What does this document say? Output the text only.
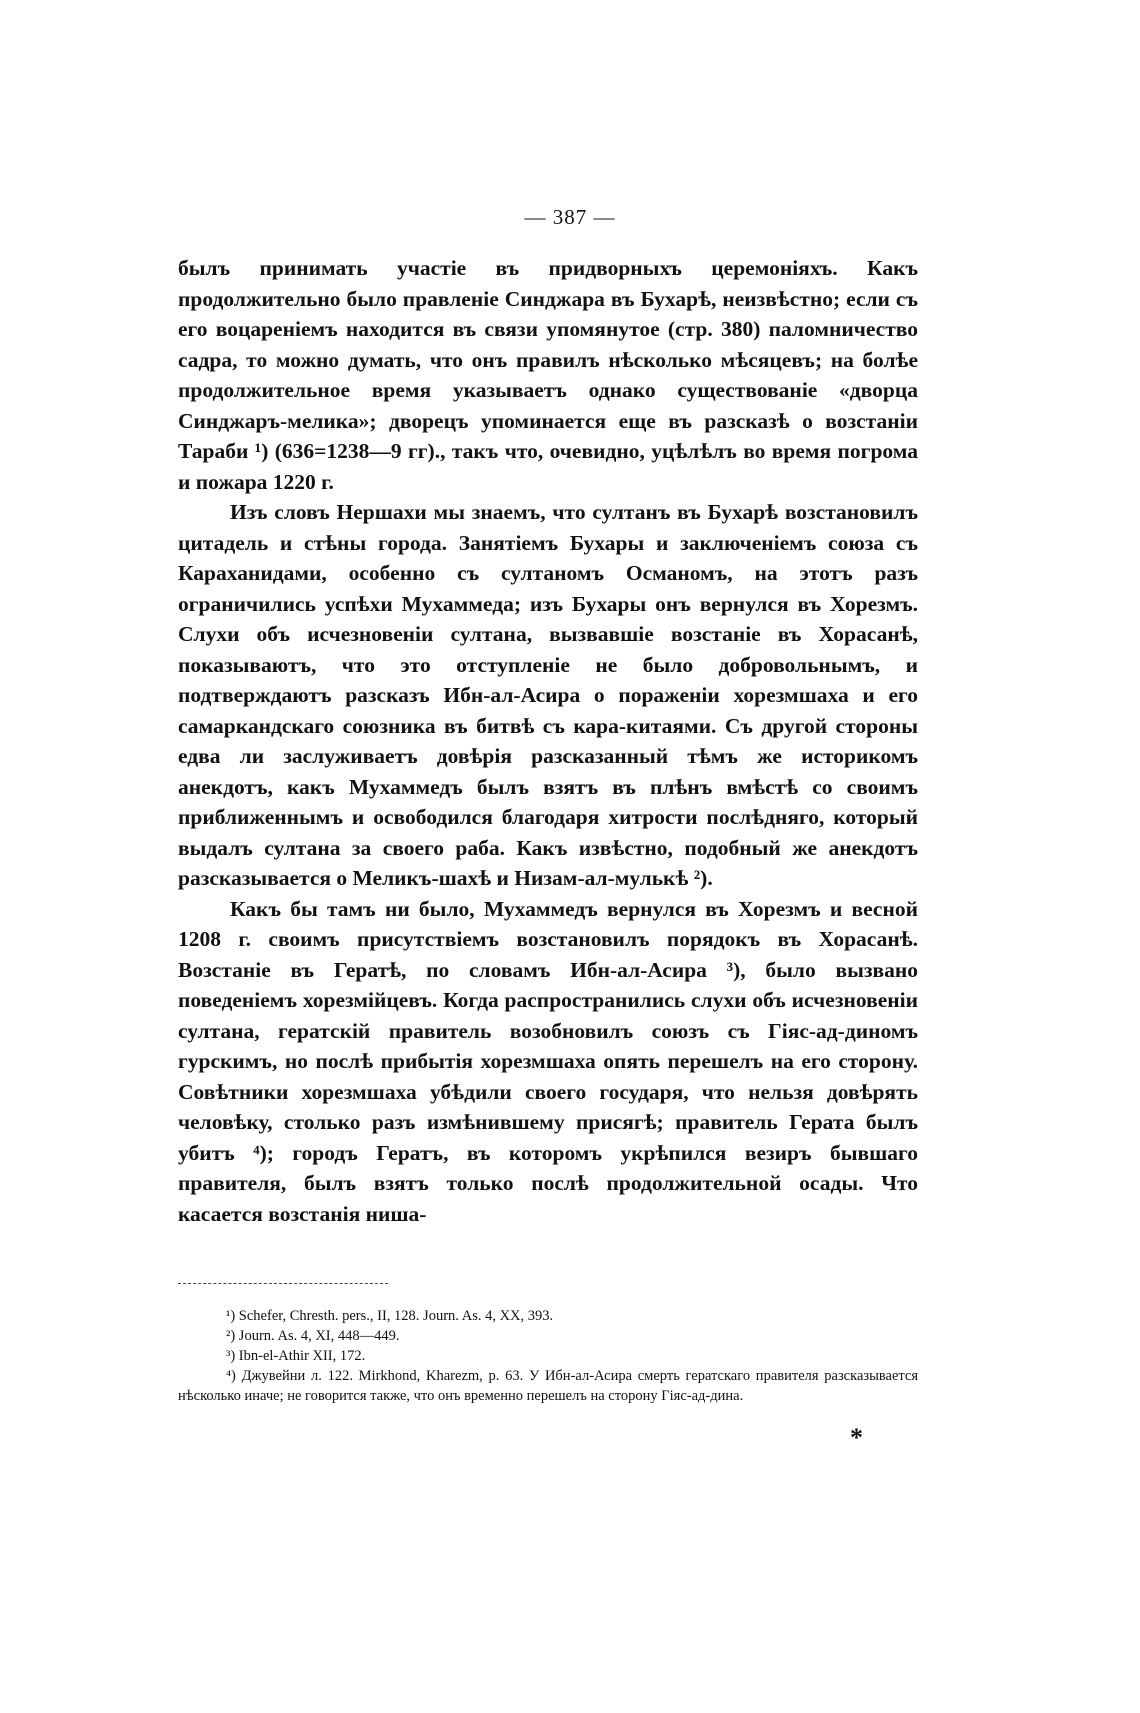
— 387 —

былъ принимать участіе въ придворныхъ церемоніяхъ. Какъ продолжительно было правленіе Синджара въ Бухарѣ, неизвѣстно; если съ его воцареніемъ находится въ связи упомянутое (стр. 380) паломничество садра, то можно думать, что онъ правилъ нѣсколько мѣсяцевъ; на болѣе продолжительное время указываетъ однако существованіе «дворца Синджаръ-мелика»; дворецъ упоминается еще въ разсказѣ о возстаніи Тараби ¹) (636=1238—9 гг)., такъ что, очевидно, уцѣлѣлъ во время погрома и пожара 1220 г.

Изъ словъ Нершахи мы знаемъ, что султанъ въ Бухарѣ возстановилъ цитадель и стѣны города. Занятіемъ Бухары и заключеніемъ союза съ Караханидами, особенно съ султаномъ Османомъ, на этотъ разъ ограничились успѣхи Мухаммеда; изъ Бухары онъ вернулся въ Хорезмъ. Слухи объ исчезновеніи султана, вызвавшіе возстаніе въ Хорасанѣ, показываютъ, что это отступленіе не было добровольнымъ, и подтверждаютъ разсказъ Ибн-ал-Асира о пораженіи хорезмшаха и его самаркандскаго союзника въ битвѣ съ кара-китаями. Съ другой стороны едва ли заслуживаетъ довѣрія разсказанный тѣмъ же историкомъ анекдотъ, какъ Мухаммедъ былъ взятъ въ плѣнъ вмѣстѣ со своимъ приближеннымъ и освободился благодаря хитрости послѣдняго, который выдалъ султана за своего раба. Какъ извѣстно, подобный же анекдотъ разсказывается о Меликъ-шахѣ и Низам-ал-мулькѣ ²).

Какъ бы тамъ ни было, Мухаммедъ вернулся въ Хорезмъ и весной 1208 г. своимъ присутствіемъ возстановилъ порядокъ въ Хорасанѣ. Возстаніе въ Гератѣ, по словамъ Ибн-ал-Асира ³), было вызвано поведеніемъ хорезмійцевъ. Когда распространились слухи объ исчезновеніи султана, гератскій правитель возобновилъ союзъ съ Гіяс-ад-диномъ гурскимъ, но послѣ прибытія хорезмшаха опять перешелъ на его сторону. Совѣтники хорезмшаха убѣдили своего государя, что нельзя довѣрять человѣку, столько разъ измѣнившему присягѣ; правитель Герата былъ убитъ ⁴); городъ Гератъ, въ которомъ укрѣпился везиръ бывшаго правителя, былъ взятъ только послѣ продолжительной осады. Что касается возстанія ниша-

¹) Schefer, Chresth. pers., II, 128. Journ. As. 4, XX, 393.

²) Journ. As. 4, XI, 448—449.

³) Ibn-el-Athir XII, 172.

⁴) Джувейни л. 122. Mirkhond, Kharezm, p. 63. У Ибн-ал-Асира смерть гератскаго правителя разсказывается нѣсколько иначе; не говорится также, что онъ временно перешелъ на сторону Гіяс-ад-дина.

*
